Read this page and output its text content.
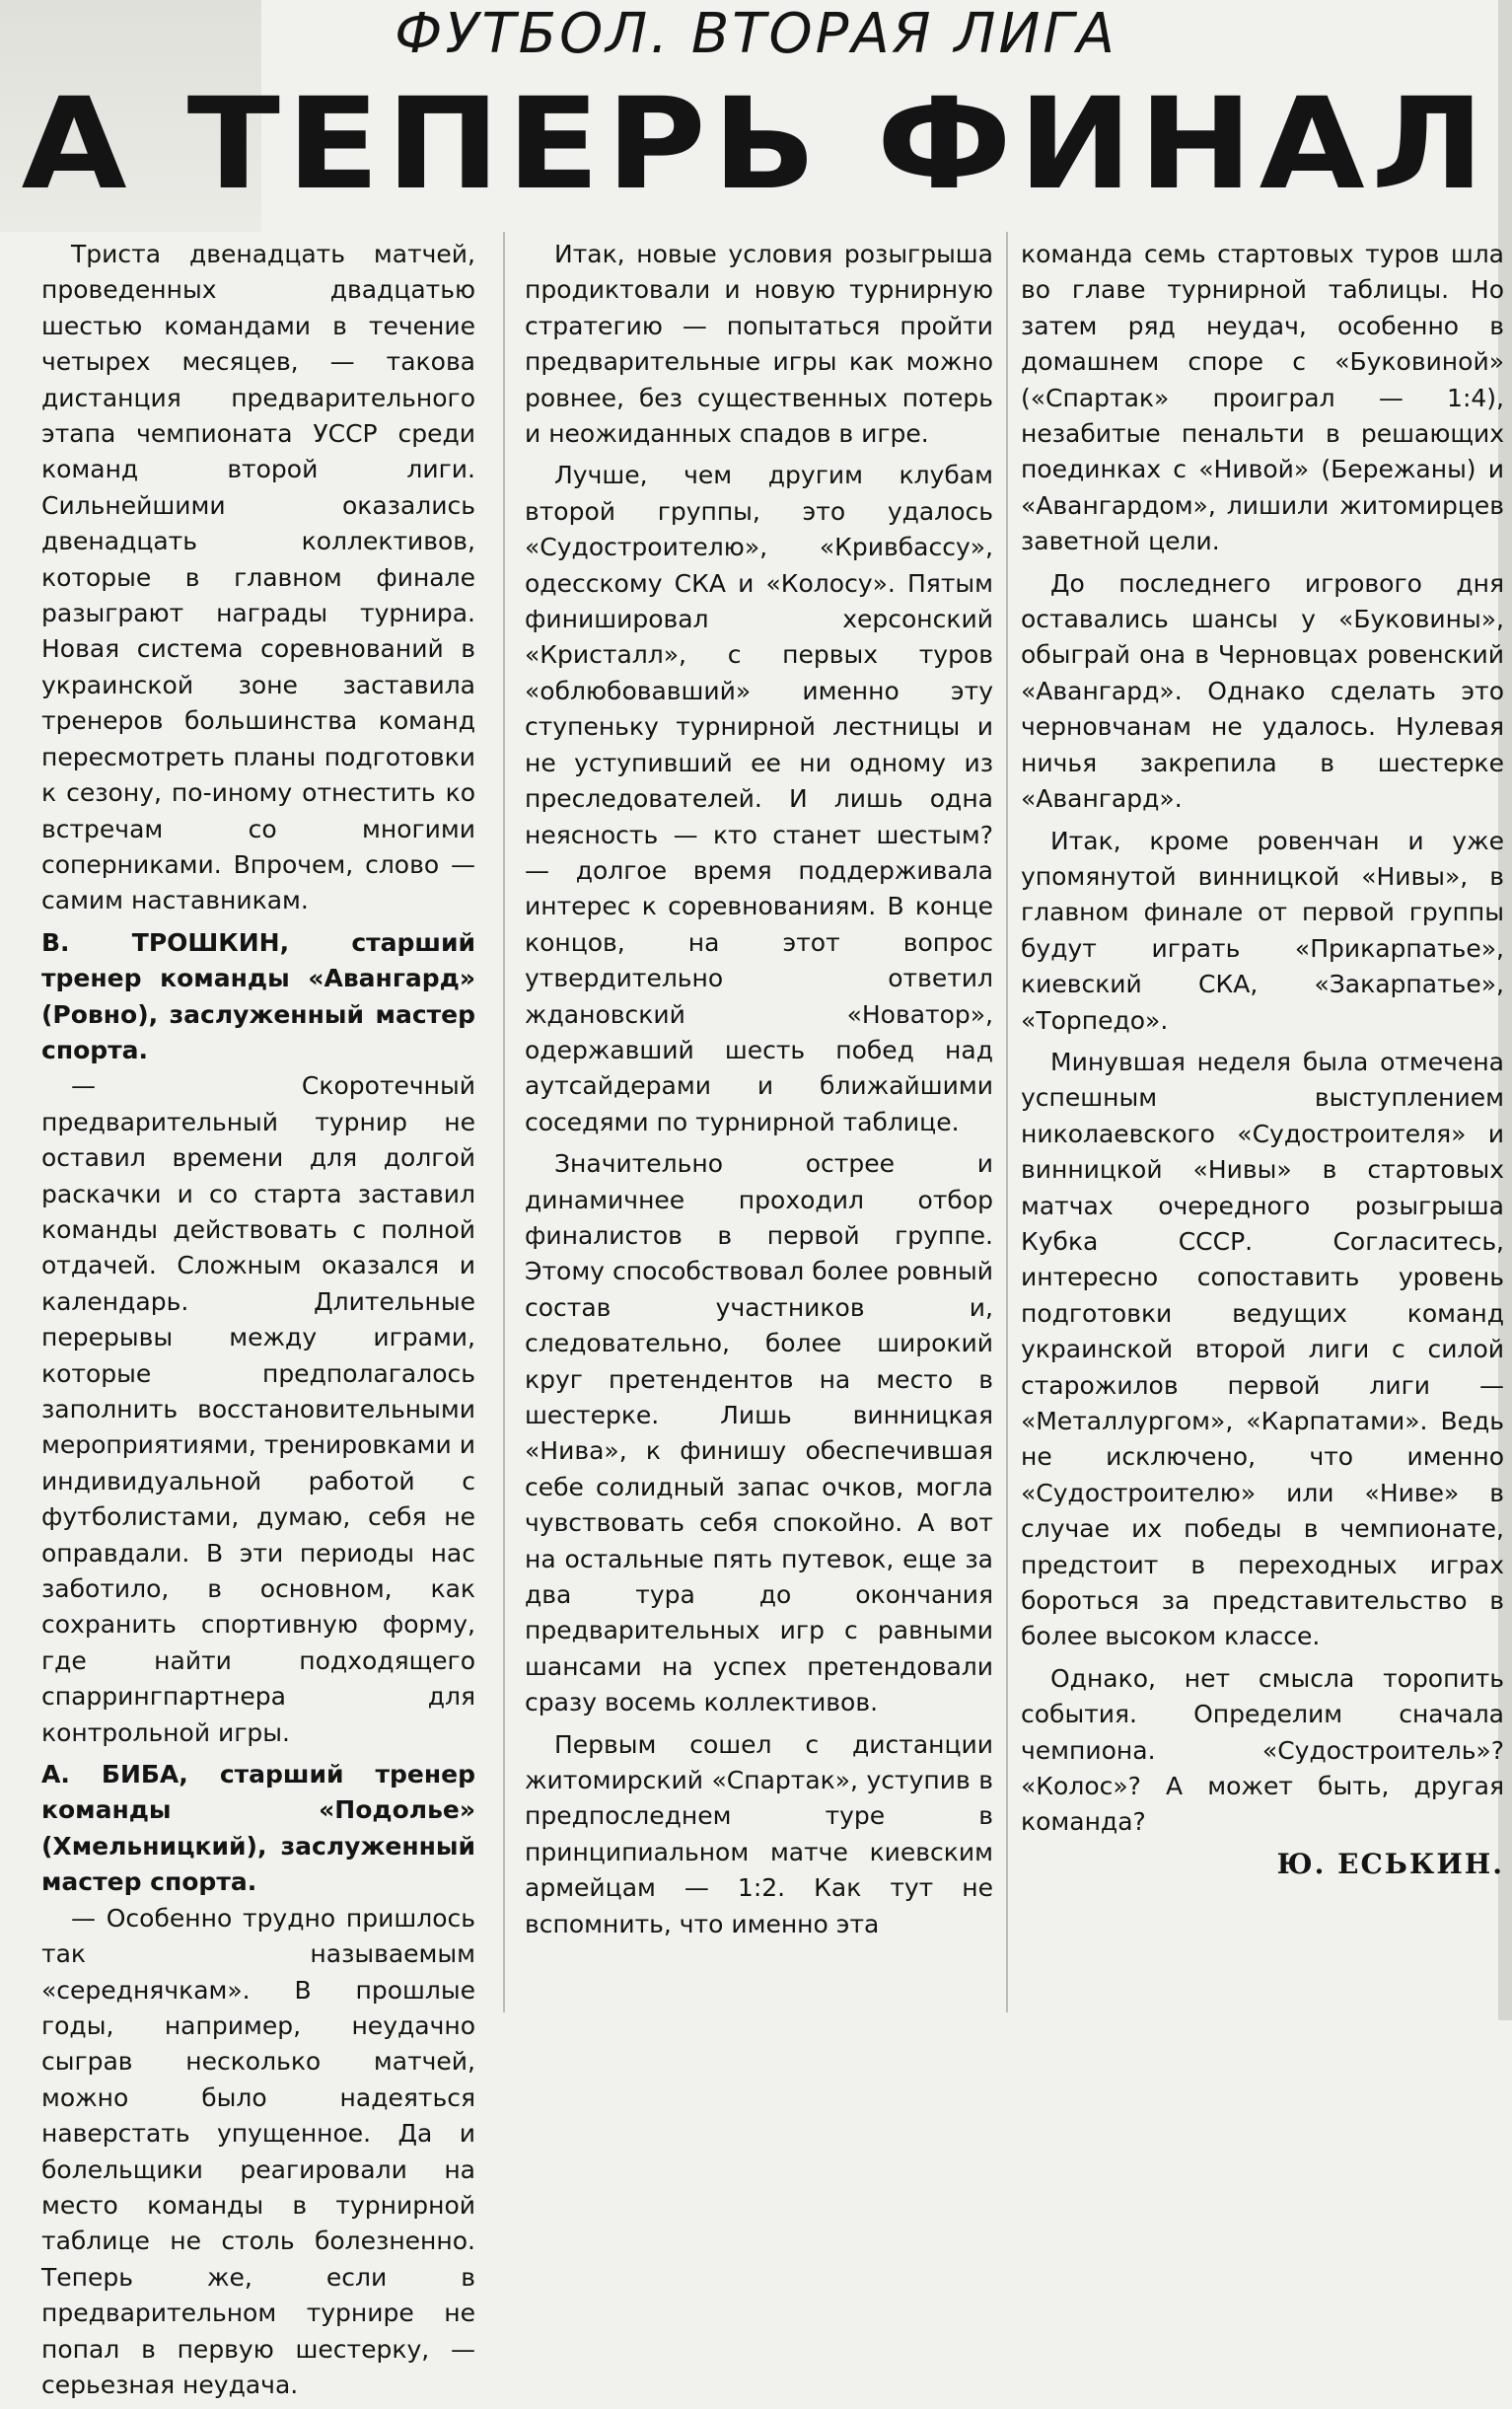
ФУТБОЛ. ВТОРАЯ ЛИГА
А ТЕПЕРЬ ФИНАЛ

Триста двенадцать матчей, проведенных двадцатью шестью командами в течение четырех месяцев, — такова дистанция предварительного этапа чемпионата УССР среди команд второй лиги. Сильнейшими оказались двенадцать коллективов, которые в главном финале разыграют награды турнира. Новая система соревнований в украинской зоне заставила тренеров большинства команд пересмотреть планы подготовки к сезону, по-иному отнестить ко встречам со многими соперниками. Впрочем, слово — самим наставникам.

В. ТРОШКИН, старший тренер команды «Авангард» (Ровно), заслуженный мастер спорта.

— Скоротечный предварительный турнир не оставил времени для долгой раскачки и со старта заставил команды действовать с полной отдачей. Сложным оказался и календарь. Длительные перерывы между играми, которые предполагалось заполнить восстановительными мероприятиями, тренировками и индивидуальной работой с футболистами, думаю, себя не оправдали. В эти периоды нас заботило, в основном, как сохранить спортивную форму, где найти подходящего спаррингпартнера для контрольной игры.

А. БИБА, старший тренер команды «Подолье» (Хмельницкий), заслуженный мастер спорта.

— Особенно трудно пришлось так называемым «середнячкам». В прошлые годы, например, неудачно сыграв несколько матчей, можно было надеяться наверстать упущенное. Да и болельщики реагировали на место команды в турнирной таблице не столь болезненно. Теперь же, если в предварительном турнире не попал в первую шестерку, — серьезная неудача.

Итак, новые условия розыгрыша продиктовали и новую турнирную стратегию — попытаться пройти предварительные игры как можно ровнее, без существенных потерь и неожиданных спадов в игре.

Лучше, чем другим клубам второй группы, это удалось «Судостроителю», «Кривбассу», одесскому СКА и «Колосу». Пятым финишировал херсонский «Кристалл», с первых туров «облюбовавший» именно эту ступеньку турнирной лестницы и не уступивший ее ни одному из преследователей. И лишь одна неясность — кто станет шестым? — долгое время поддерживала интерес к соревнованиям. В конце концов, на этот вопрос утвердительно ответил ждановский «Новатор», одержавший шесть побед над аутсайдерами и ближайшими соседями по турнирной таблице.

Значительно острее и динамичнее проходил отбор финалистов в первой группе. Этому способствовал более ровный состав участников и, следовательно, более широкий круг претендентов на место в шестерке. Лишь винницкая «Нива», к финишу обеспечившая себе солидный запас очков, могла чувствовать себя спокойно. А вот на остальные пять путевок, еще за два тура до окончания предварительных игр с равными шансами на успех претендовали сразу восемь коллективов.

Первым сошел с дистанции житомирский «Спартак», уступив в предпоследнем туре в принципиальном матче киевским армейцам — 1:2. Как тут не вспомнить, что именно эта

команда семь стартовых туров шла во главе турнирной таблицы. Но затем ряд неудач, особенно в домашнем споре с «Буковиной» («Спартак» проиграл — 1:4), незабитые пенальти в решающих поединках с «Нивой» (Бережаны) и «Авангардом», лишили житомирцев заветной цели.

До последнего игрового дня оставались шансы у «Буковины», обыграй она в Черновцах ровенский «Авангард». Однако сделать это черновчанам не удалось. Нулевая ничья закрепила в шестерке «Авангард».

Итак, кроме ровенчан и уже упомянутой винницкой «Нивы», в главном финале от первой группы будут играть «Прикарпатье», киевский СКА, «Закарпатье», «Торпедо».

Минувшая неделя была отмечена успешным выступлением николаевского «Судостроителя» и винницкой «Нивы» в стартовых матчах очередного розыгрыша Кубка СССР. Согласитесь, интересно сопоставить уровень подготовки ведущих команд украинской второй лиги с силой старожилов первой лиги — «Металлургом», «Карпатами». Ведь не исключено, что именно «Судостроителю» или «Ниве» в случае их победы в чемпионате, предстоит в переходных играх бороться за представительство в более высоком классе.

Однако, нет смысла торопить события. Определим сначала чемпиона. «Судостроитель»? «Колос»? А может быть, другая команда?

Ю. ЕСЬКИН.
